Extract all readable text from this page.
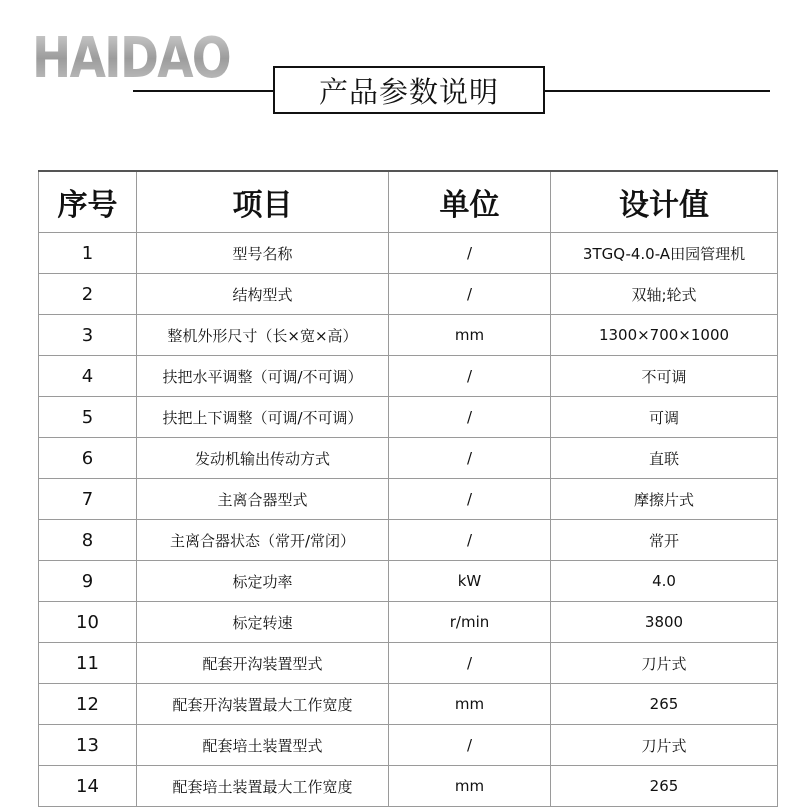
HAIDAO
产品参数说明
序号	项目	单位	设计值
1	型号名称	/	3TGQ-4.0-A田园管理机
2	结构型式	/	双轴;轮式
3	整机外形尺寸（长×宽×高）	mm	1300×700×1000
4	扶把水平调整（可调/不可调）	/	不可调
5	扶把上下调整（可调/不可调）	/	可调
6	发动机输出传动方式	/	直联
7	主离合器型式	/	摩擦片式
8	主离合器状态（常开/常闭）	/	常开
9	标定功率	kW	4.0
10	标定转速	r/min	3800
11	配套开沟装置型式	/	刀片式
12	配套开沟装置最大工作宽度	mm	265
13	配套培土装置型式	/	刀片式
14	配套培土装置最大工作宽度	mm	265
